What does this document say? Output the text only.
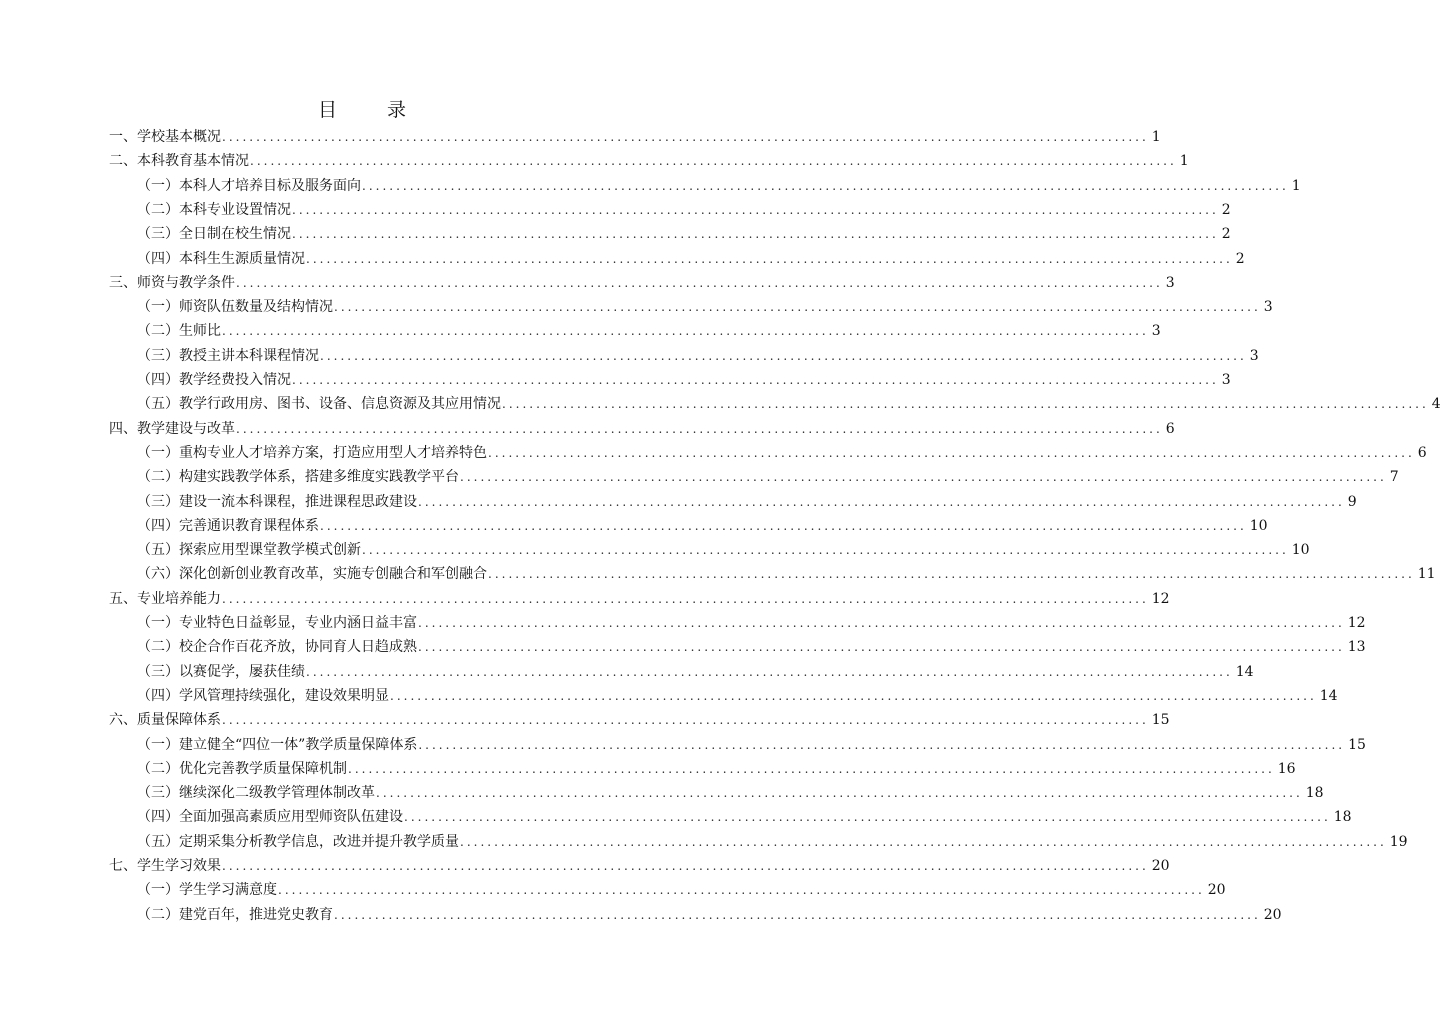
目 录
一、学校基本概况 ........................................................................................................................................ 1
二、本科教育基本情况 ........................................................................................................................................ 1
（一）本科人才培养目标及服务面向 ........................................................................................................................................ 1
（二）本科专业设置情况 ........................................................................................................................................ 2
（三）全日制在校生情况 ........................................................................................................................................ 2
（四）本科生生源质量情况 ........................................................................................................................................ 2
三、师资与教学条件 ........................................................................................................................................ 3
（一）师资队伍数量及结构情况 ........................................................................................................................................ 3
（二）生师比 ........................................................................................................................................ 3
（三）教授主讲本科课程情况 ........................................................................................................................................ 3
（四）教学经费投入情况 ........................................................................................................................................ 3
（五）教学行政用房、图书、设备、信息资源及其应用情况 ........................................................................................................................................ 4
四、教学建设与改革 ........................................................................................................................................ 6
（一）重构专业人才培养方案，打造应用型人才培养特色 ........................................................................................................................................ 6
（二）构建实践教学体系，搭建多维度实践教学平台 ........................................................................................................................................ 7
（三）建设一流本科课程，推进课程思政建设 ........................................................................................................................................ 9
（四）完善通识教育课程体系 ........................................................................................................................................ 10
（五）探索应用型课堂教学模式创新 ........................................................................................................................................ 10
（六）深化创新创业教育改革，实施专创融合和军创融合 ........................................................................................................................................ 11
五、专业培养能力 ........................................................................................................................................ 12
（一）专业特色日益彰显，专业内涵日益丰富 ........................................................................................................................................ 12
（二）校企合作百花齐放，协同育人日趋成熟 ........................................................................................................................................ 13
（三）以赛促学，屡获佳绩 ........................................................................................................................................ 14
（四）学风管理持续强化，建设效果明显 ........................................................................................................................................ 14
六、质量保障体系 ........................................................................................................................................ 15
（一）建立健全“四位一体”教学质量保障体系 ........................................................................................................................................ 15
（二）优化完善教学质量保障机制 ........................................................................................................................................ 16
（三）继续深化二级教学管理体制改革 ........................................................................................................................................ 18
（四）全面加强高素质应用型师资队伍建设 ........................................................................................................................................ 18
（五）定期采集分析教学信息，改进并提升教学质量 ........................................................................................................................................ 19
七、学生学习效果 ........................................................................................................................................ 20
（一）学生学习满意度 ........................................................................................................................................ 20
（二）建党百年，推进党史教育 ........................................................................................................................................ 20
